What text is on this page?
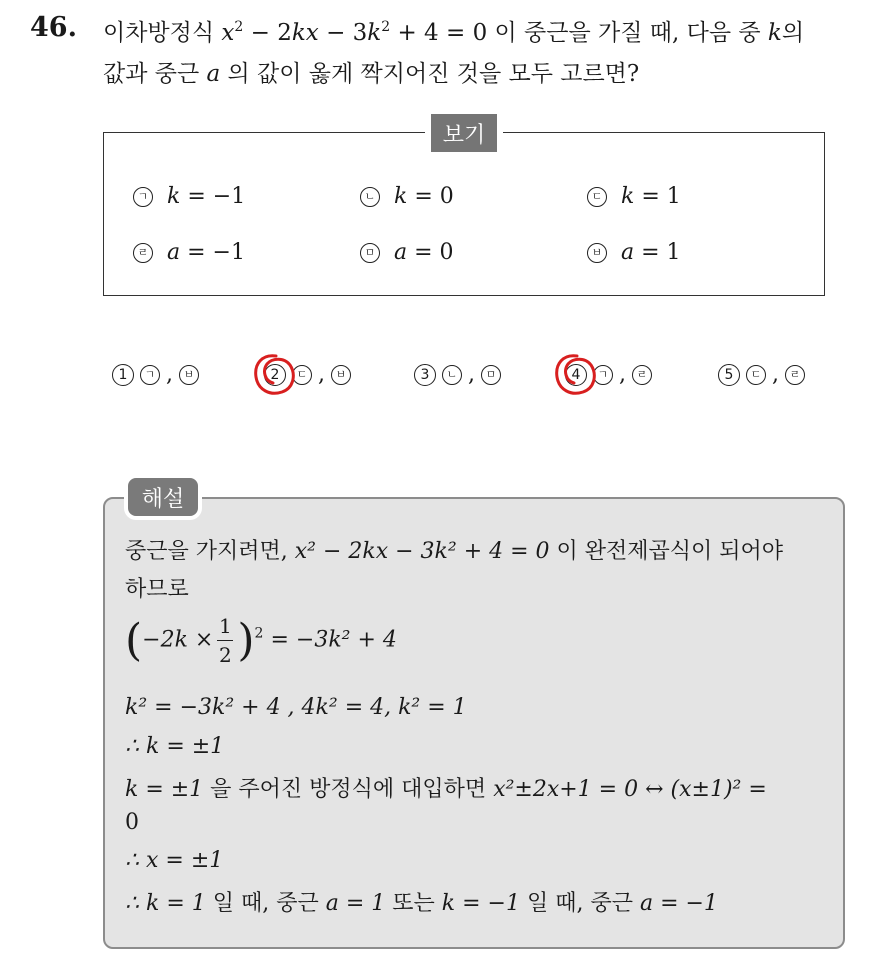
46. 이차방정식 $x^2 - 2kx - 3k^2 + 4 = 0$ 이 중근을 가질 때, 다음 중 k의
값과 중근 a 의 값이 옳게 짝지어진 것을 모두 고르면?
보기
ㄱ k = −1	ㄴ k = 0	ㄷ k = 1
ㄹ a = −1	ㅁ a = 0	ㅂ a = 1
1	ㄱ , ㅂ	2	ㄷ , ㅂ	3	ㄴ , ㅁ	4	ㄱ , ㄹ	5	ㄷ , ㄹ
해설
중근을 가지려면, x² − 2kx − 3k² + 4 = 0 이 완전제곱식이 되어야
하므로
$(-2k \times \frac{1}{2} )^2 = -3k^2 + 4$
k² = −3k² + 4 , 4k² = 4, k² = 1
∴ k = ±1
k = ±1 을 주어진 방정식에 대입하면 x²±2x+1 = 0 ↔ (x±1)² =
0
∴ x = ±1
∴ k = 1 일 때, 중근 a = 1 또는 k = −1 일 때, 중근 a = −1
